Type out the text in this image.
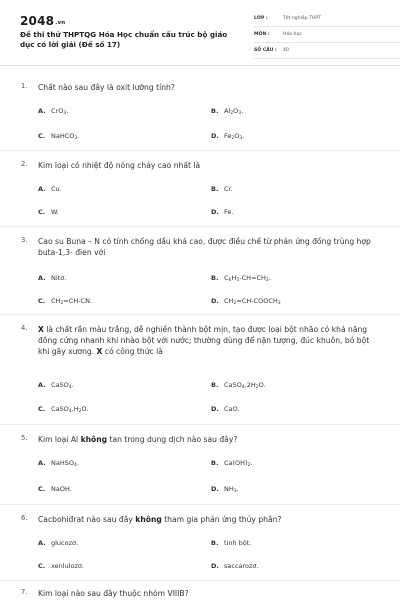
2048.vn
Đề thi thử THPTQG Hóa Học chuẩn cấu trúc bộ giáo dục có lời giải (Đề số 17)
LỚP :	Tốt nghiệp THPT
MÔN :	Hóa học
SỐ CÂU : 40
1. Chất nào sau đây là oxit lưỡng tính?
A. CrO$_3$.	B. $Al_2O_3$.
C. NaHCO$_3$.	D. $Fe_2O_3$.
2. Kim loại có nhiệt độ nóng chảy cao nhất là
A. Cu.	B. Cr.
C. W.	D. Fe.
3. Cao su Buna – N có tính chống dầu khá cao, được điều chế từ phản ứng đồng trùng hợp buta-1,3- đien với
A. Nitơ.	B. $C_6H_5-CH=CH_2$.
C. $CH_2=CH-CN$.	D. $CH_2=CH-COOCH_3$
4. X là chất rắn màu trắng, dễ nghiền thành bột mịn, tạo được loại bột nhão có khả năng đông cứng nhanh khi nhào bột với nước; thường dùng để nặn tượng, đúc khuôn, bó bột khi gãy xương. X có công thức là
A. CaSO$_4$.	B. $CaSO_4.2H_2O$.
C. $CaSO_4.H_2O$.	D. CaO.
5. Kim loại Al không tan trong dung dịch nào sau đây?
A. NaHSO$_4$.	B. $Ca(OH)_2$.
C. NaOH.	D. $NH_3$.
6. Cacbohiđrat nào sau đây không tham gia phản ứng thủy phân?
A. glucozơ.	B. tinh bột.
C. xenlulozơ.	D. saccarozơ.
7. Kim loại nào sau đây thuộc nhóm VIIIB?
